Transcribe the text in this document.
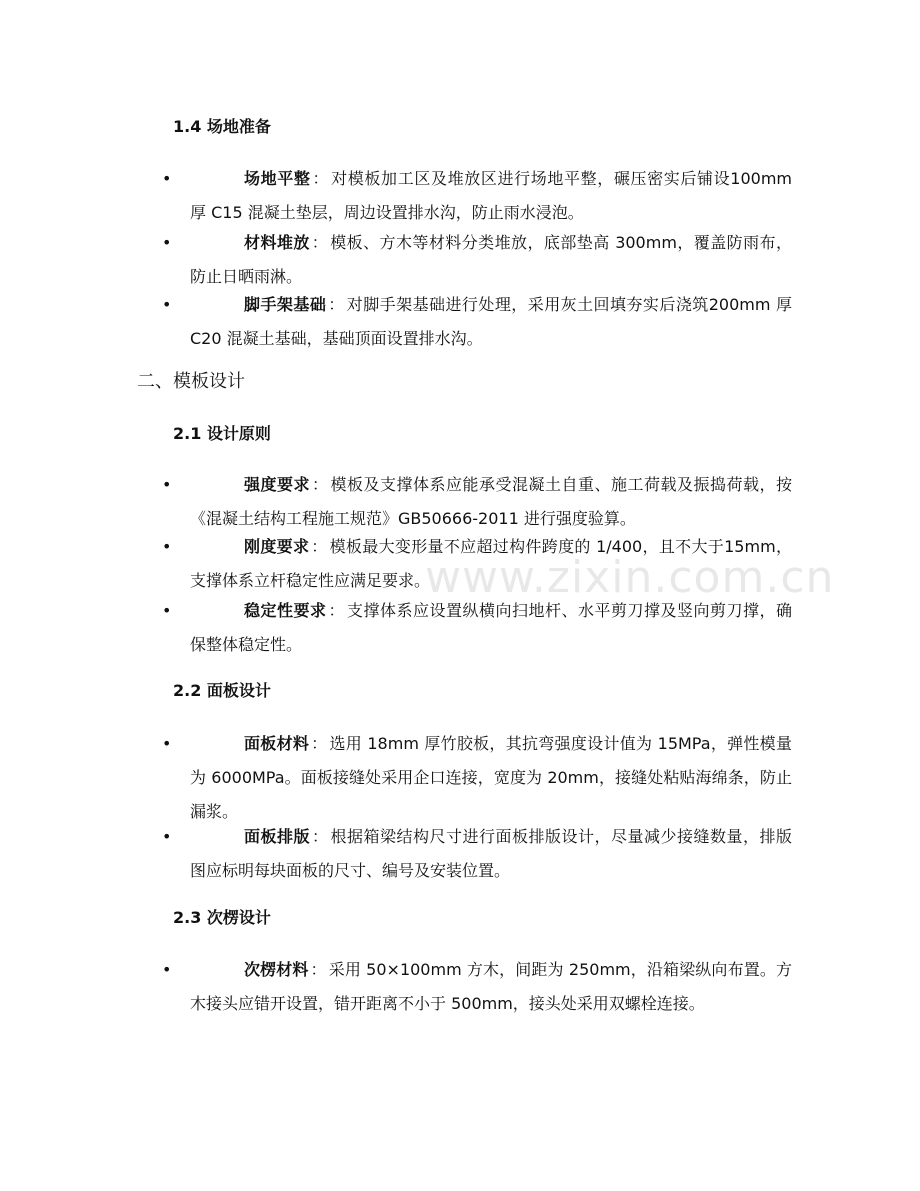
www.zixin.com.cn
1.4 场地准备
•	场地平整 ： 对模板加工区及堆放区进行场地平整，碾压密实后铺设100mm 厚 C15 混凝土垫层，周边设置排水沟，防止雨水浸泡。
•	材料堆放 ： 模板、方木等材料分类堆放，底部垫高 300mm，覆盖防雨布，防止日晒雨淋。
•	脚手架基础 ： 对脚手架基础进行处理，采用灰土回填夯实后浇筑200mm 厚 C20 混凝土基础，基础顶面设置排水沟。
二、模板设计
2.1 设计原则
•	强度要求 ： 模板及支撑体系应能承受混凝土自重、施工荷载及振捣荷载，按《混凝土结构工程施工规范》GB50666-2011 进行强度验算。
•	刚度要求 ： 模板最大变形量不应超过构件跨度的 1/400，且不大于15mm，支撑体系立杆稳定性应满足要求。
•	稳定性要求 ： 支撑体系应设置纵横向扫地杆、水平剪刀撑及竖向剪刀撑，确保整体稳定性。
2.2 面板设计
•	面板材料 ： 选用 18mm 厚竹胶板，其抗弯强度设计值为 15MPa，弹性模量为 6000MPa。面板接缝处采用企口连接，宽度为 20mm，接缝处粘贴海绵条，防止漏浆。
•	面板排版 ： 根据箱梁结构尺寸进行面板排版设计，尽量减少接缝数量，排版图应标明每块面板的尺寸、编号及安装位置。
2.3 次楞设计
•	次楞材料 ： 采用 50×100mm 方木，间距为 250mm，沿箱梁纵向布置。方木接头应错开设置，错开距离不小于 500mm，接头处采用双螺栓连接。
